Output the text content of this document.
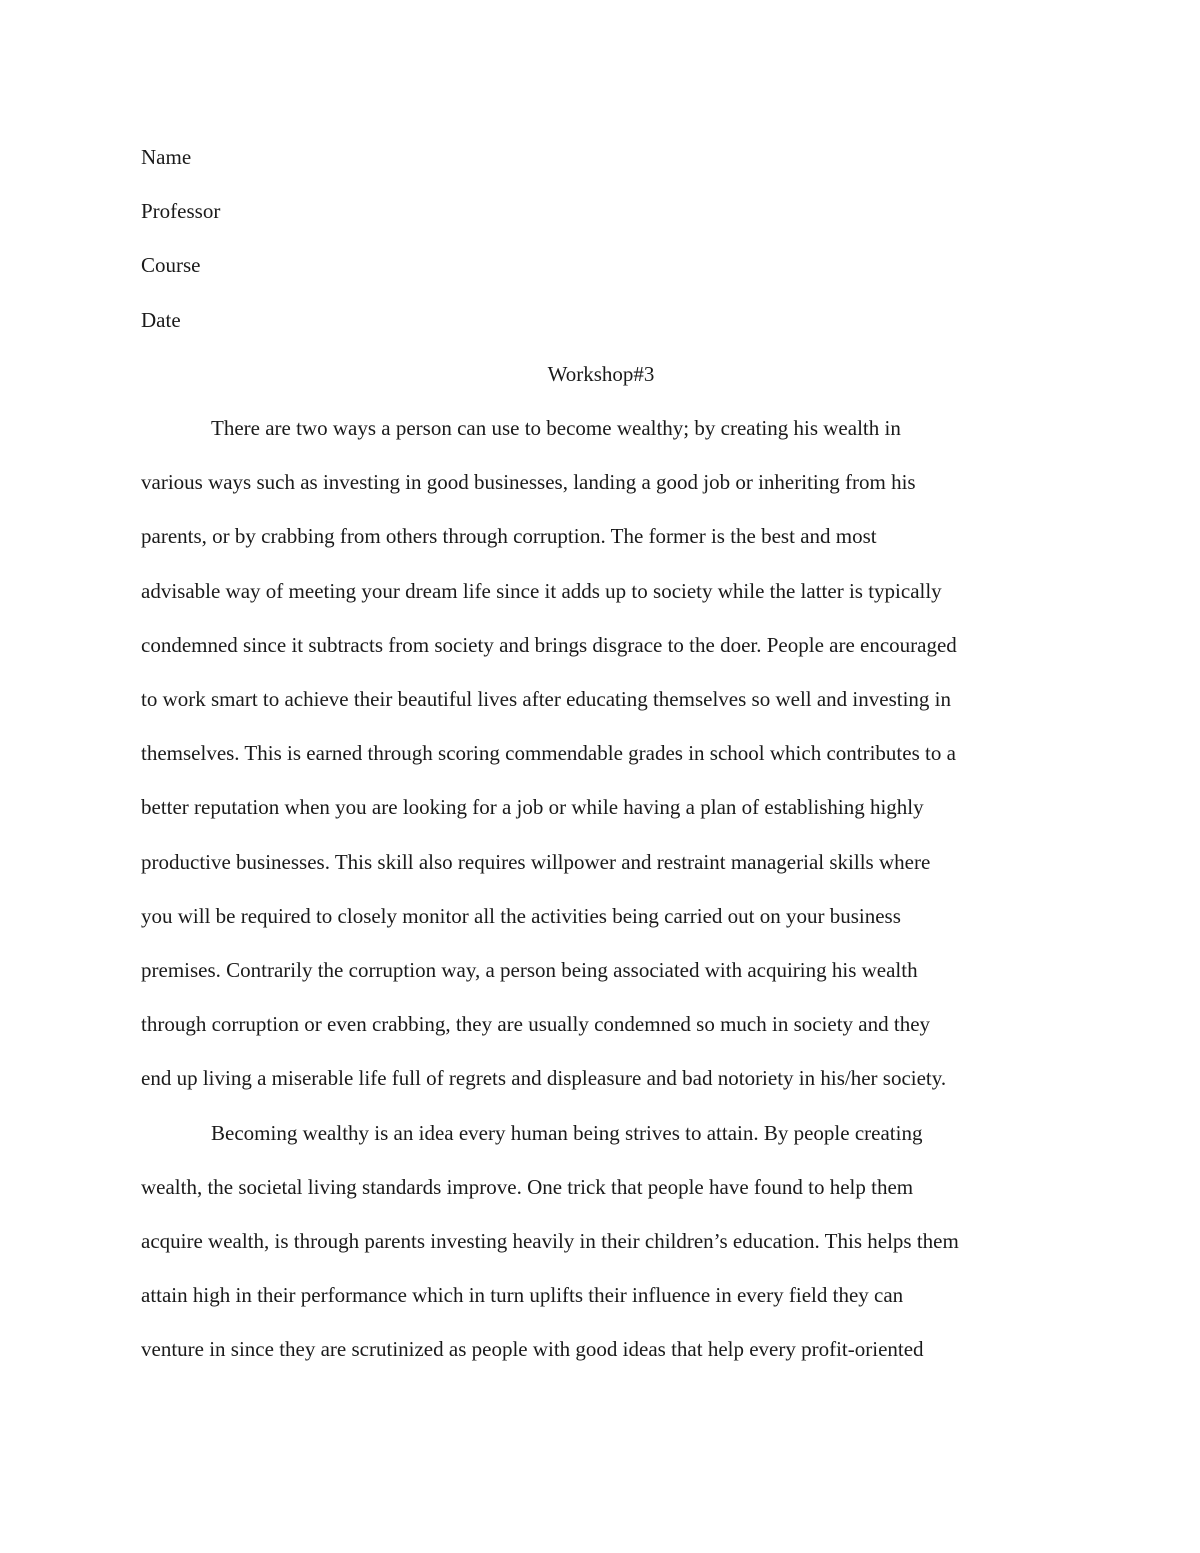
Name

Professor

Course

Date

Workshop#3

There are two ways a person can use to become wealthy; by creating his wealth in
various ways such as investing in good businesses, landing a good job or inheriting from his
parents, or by crabbing from others through corruption. The former is the best and most
advisable way of meeting your dream life since it adds up to society while the latter is typically
condemned since it subtracts from society and brings disgrace to the doer. People are encouraged
to work smart to achieve their beautiful lives after educating themselves so well and investing in
themselves. This is earned through scoring commendable grades in school which contributes to a
better reputation when you are looking for a job or while having a plan of establishing highly
productive businesses. This skill also requires willpower and restraint managerial skills where
you will be required to closely monitor all the activities being carried out on your business
premises. Contrarily the corruption way, a person being associated with acquiring his wealth
through corruption or even crabbing, they are usually condemned so much in society and they
end up living a miserable life full of regrets and displeasure and bad notoriety in his/her society.

Becoming wealthy is an idea every human being strives to attain. By people creating
wealth, the societal living standards improve. One trick that people have found to help them
acquire wealth, is through parents investing heavily in their children’s education. This helps them
attain high in their performance which in turn uplifts their influence in every field they can
venture in since they are scrutinized as people with good ideas that help every profit-oriented
